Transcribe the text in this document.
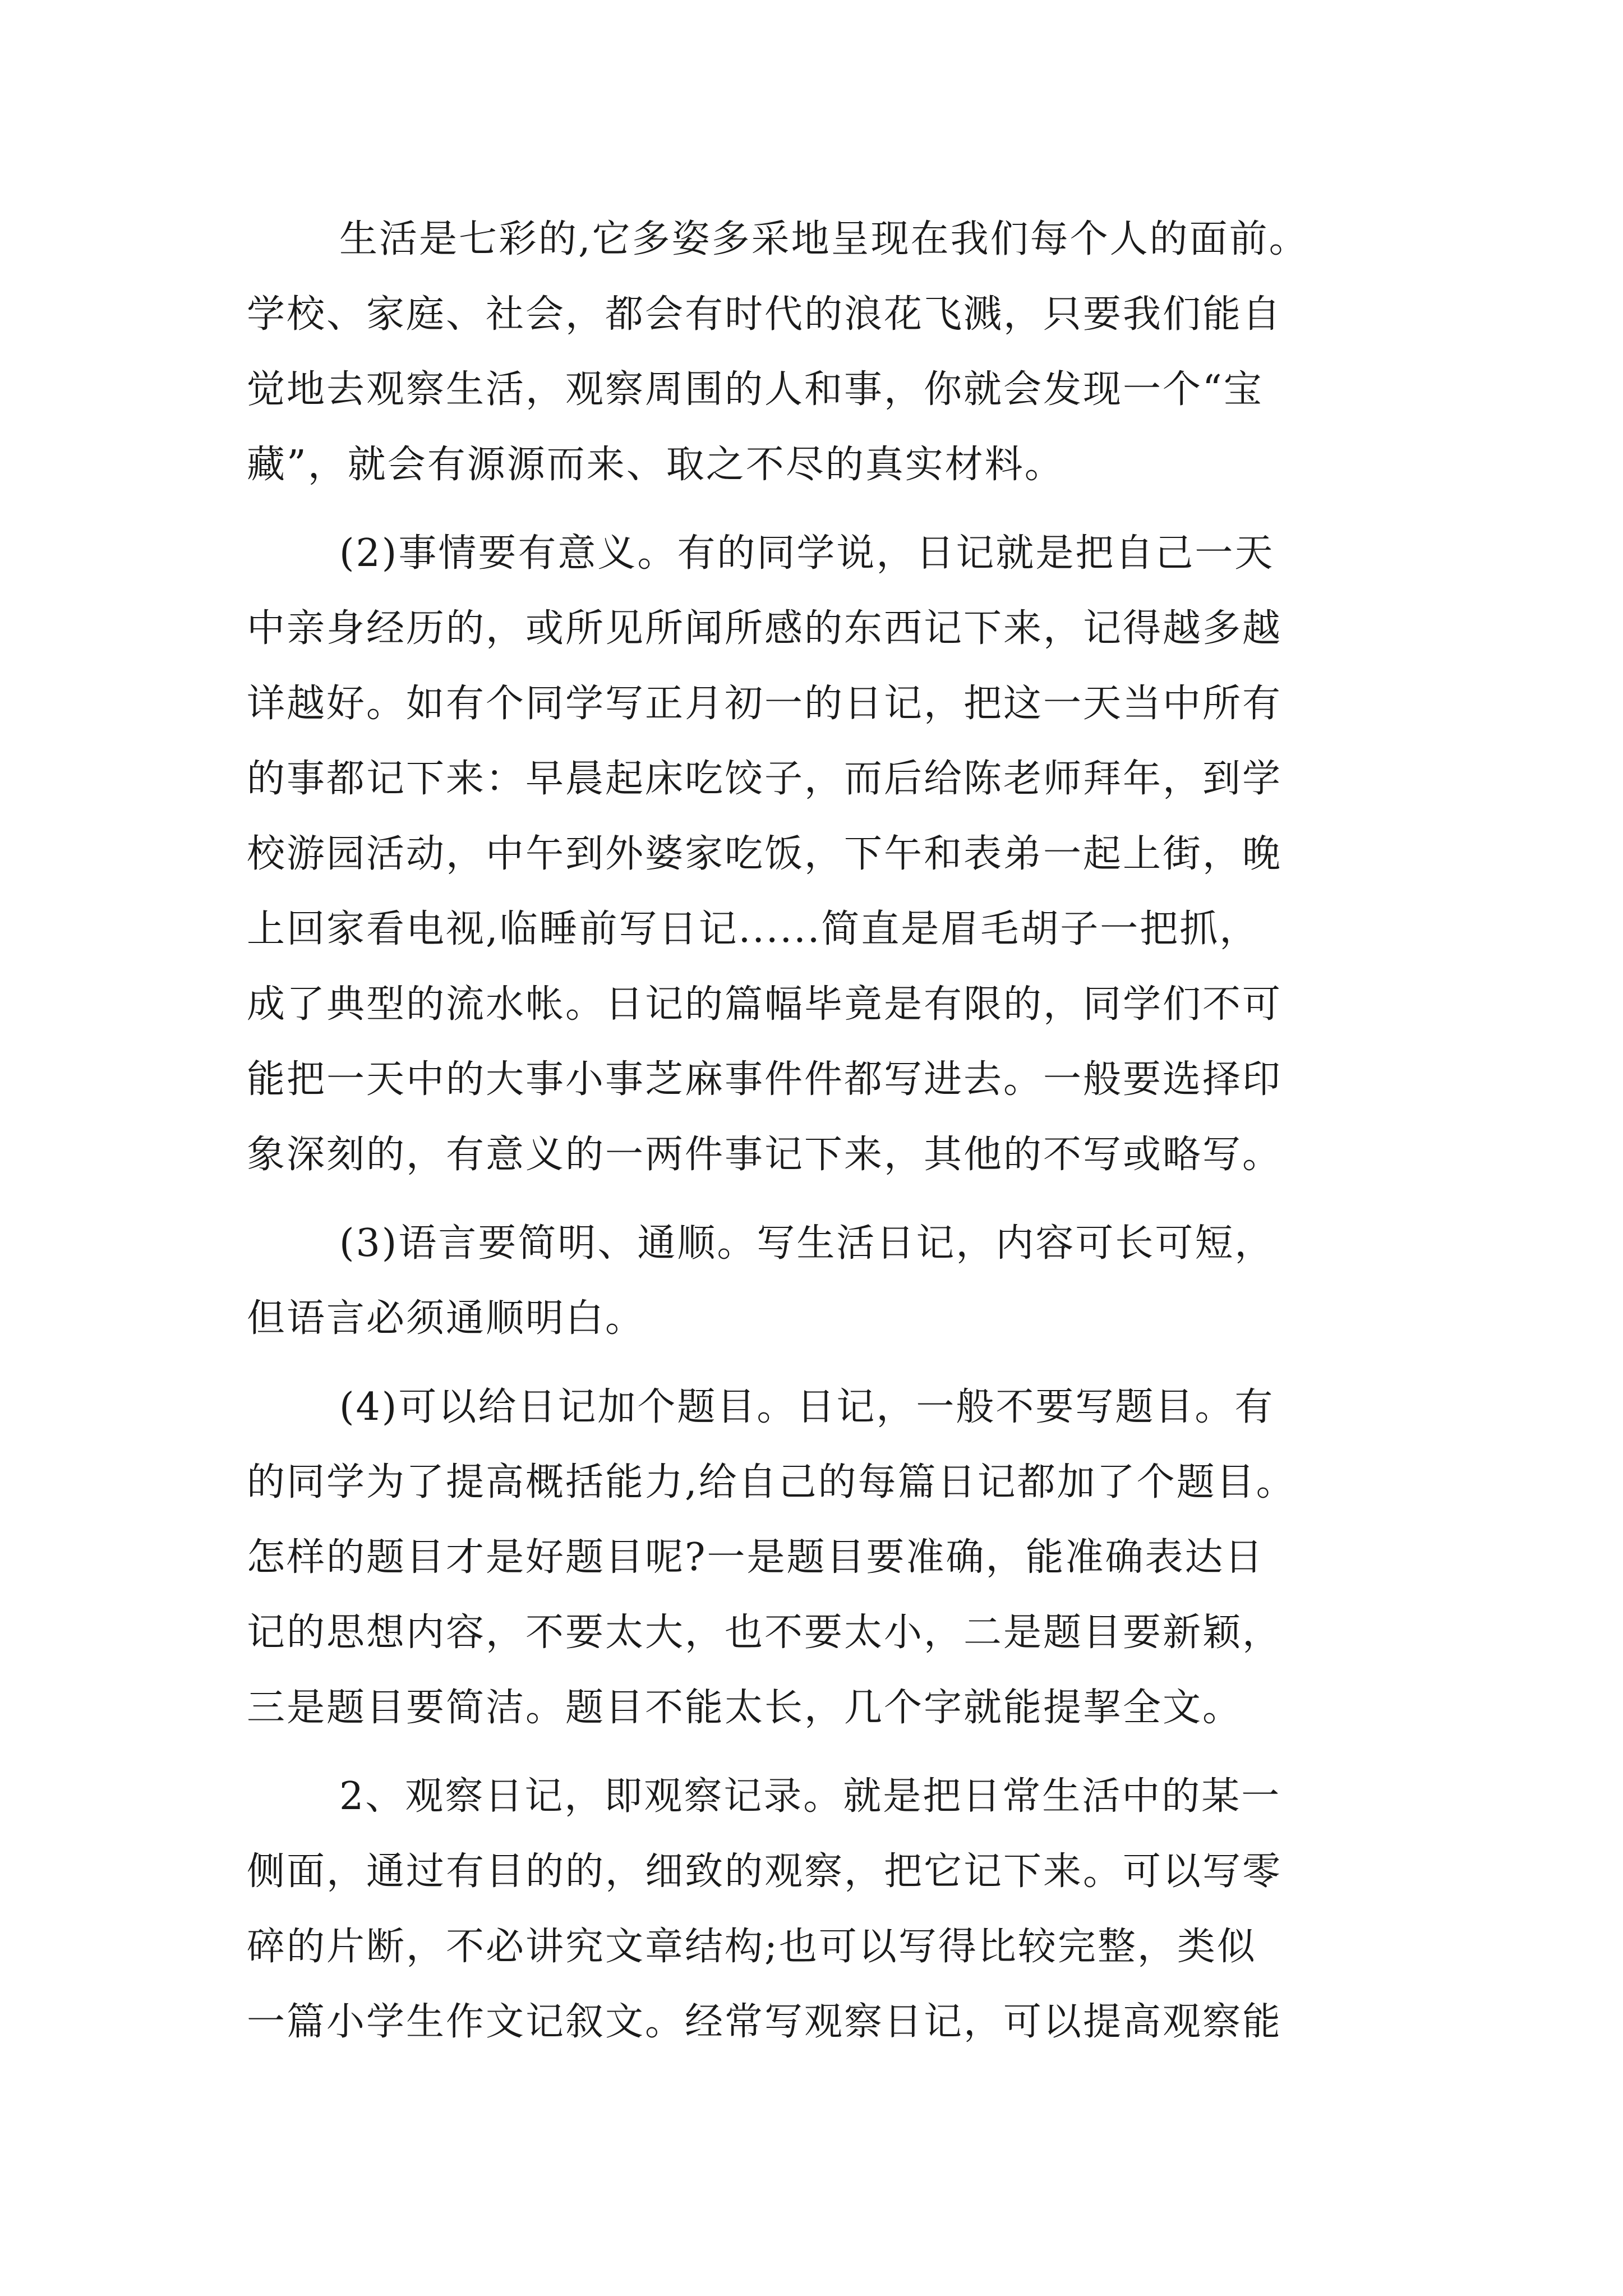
生活是七彩的,它多姿多采地呈现在我们每个人的面前。
学校、家庭、社会，都会有时代的浪花飞溅，只要我们能自
觉地去观察生活，观察周围的人和事，你就会发现一个“宝
藏”，就会有源源而来、取之不尽的真实材料。
(2)事情要有意义。有的同学说，日记就是把自己一天
中亲身经历的，或所见所闻所感的东西记下来，记得越多越
详越好。如有个同学写正月初一的日记，把这一天当中所有
的事都记下来：早晨起床吃饺子，而后给陈老师拜年，到学
校游园活动，中午到外婆家吃饭，下午和表弟一起上街，晚
上回家看电视,临睡前写日记......简直是眉毛胡子一把抓，
成了典型的流水帐。日记的篇幅毕竟是有限的，同学们不可
能把一天中的大事小事芝麻事件件都写进去。一般要选择印
象深刻的，有意义的一两件事记下来，其他的不写或略写。
(3)语言要简明、通顺。写生活日记，内容可长可短，
但语言必须通顺明白。
(4)可以给日记加个题目。日记，一般不要写题目。有
的同学为了提高概括能力,给自己的每篇日记都加了个题目。
怎样的题目才是好题目呢?一是题目要准确，能准确表达日
记的思想内容，不要太大，也不要太小，二是题目要新颖，
三是题目要简洁。题目不能太长，几个字就能提挈全文。
2、观察日记，即观察记录。就是把日常生活中的某一
侧面，通过有目的的，细致的观察，把它记下来。可以写零
碎的片断，不必讲究文章结构;也可以写得比较完整，类似
一篇小学生作文记叙文。经常写观察日记，可以提高观察能
